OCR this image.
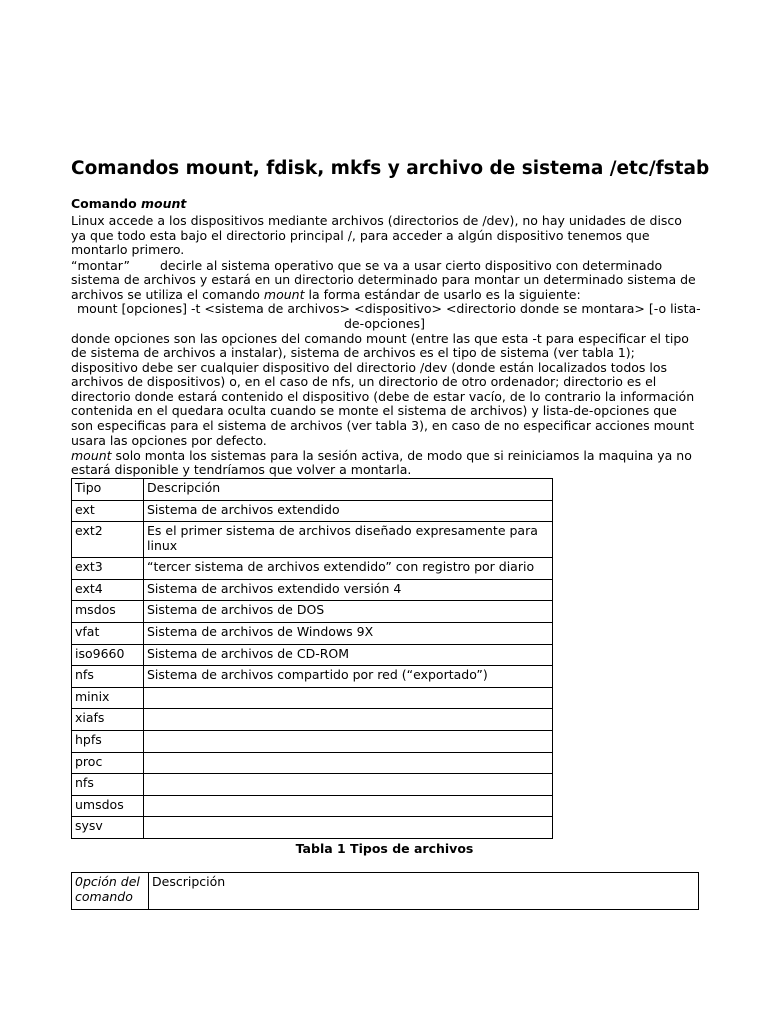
Comandos mount, fdisk, mkfs y archivo de sistema /etc/fstab
Comando mount
Linux accede a los dispositivos mediante archivos (directorios de /dev), no hay unidades de disco ya que todo esta bajo el directorio principal /, para acceder a algún dispositivo tenemos que montarlo primero.
“montar” decirle al sistema operativo que se va a usar cierto dispositivo con determinado sistema de archivos y estará en un directorio determinado para montar un determinado sistema de archivos se utiliza el comando mount la forma estándar de usarlo es la siguiente:
mount [opciones] -t <sistema de archivos> <dispositivo> <directorio donde se montara> [-o lista-
de-opciones]
donde opciones son las opciones del comando mount (entre las que esta -t para especificar el tipo de sistema de archivos a instalar), sistema de archivos es el tipo de sistema (ver tabla 1); dispositivo debe ser cualquier dispositivo del directorio /dev (donde están localizados todos los archivos de dispositivos) o, en el caso de nfs, un directorio de otro ordenador; directorio es el directorio donde estará contenido el dispositivo (debe de estar vacío, de lo contrario la información contenida en el quedara oculta cuando se monte el sistema de archivos) y lista-de-opciones que son especificas para el sistema de archivos (ver tabla 3), en caso de no especificar acciones mount usara las opciones por defecto.
mount solo monta los sistemas para la sesión activa, de modo que si reiniciamos la maquina ya no estará disponible y tendríamos que volver a montarla.
Tipo	Descripción
ext	Sistema de archivos extendido
ext2	Es el primer sistema de archivos diseñado expresamente para linux
ext3	“tercer sistema de archivos extendido” con registro por diario
ext4	Sistema de archivos extendido versión 4
msdos	Sistema de archivos de DOS
vfat	Sistema de archivos de Windows 9X
iso9660	Sistema de archivos de CD-ROM
nfs	Sistema de archivos compartido por red (“exportado”)
minix	
xiafs	
hpfs	
proc	
nfs	
umsdos	
sysv	
Tabla 1 Tipos de archivos
0pción del comando	Descripción
